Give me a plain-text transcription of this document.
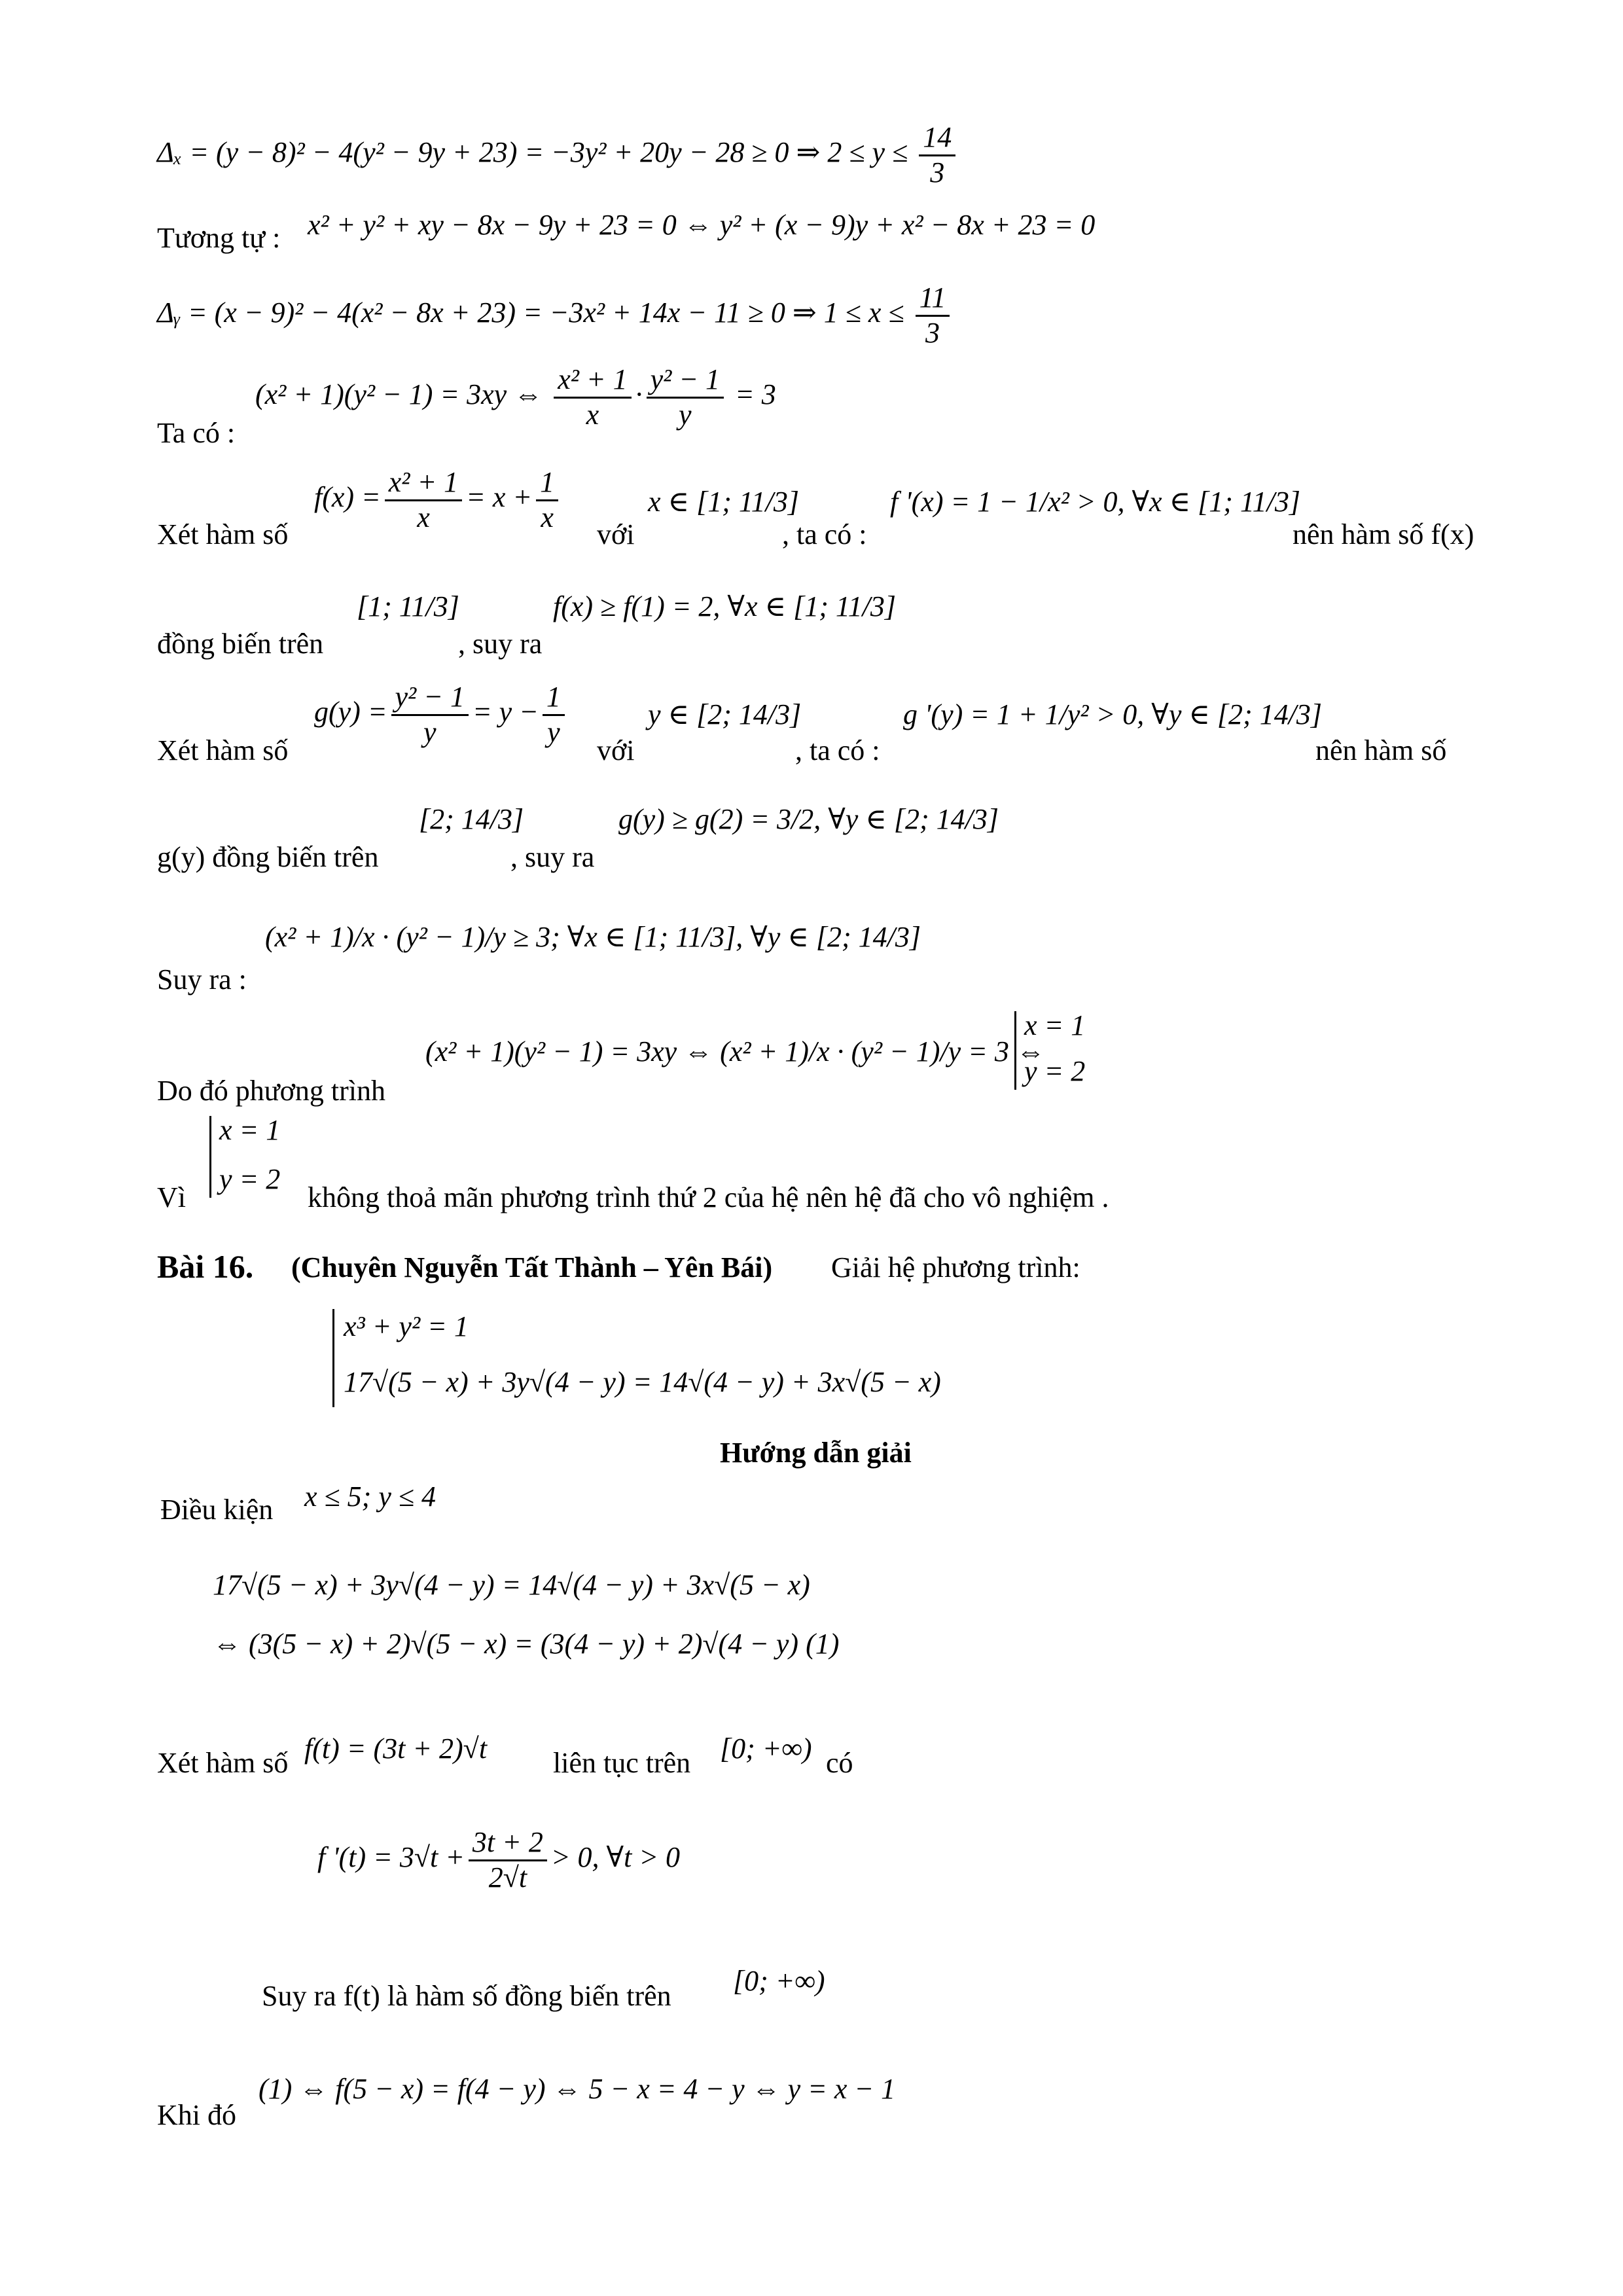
Δₓ = (y − 8)² − 4(y² − 9y + 23) = −3y² + 20y − 28 ≥ 0 ⇒ $2 \le y \le \frac{14}{3}$
Tương tự : x² + y² + xy − 8x − 9y + 23 = 0 ⇔ y² + (x − 9)y + x² − 8x + 23 = 0
Δᵧ = (x − 9)² − 4(x² − 8x + 23) = −3x² + 14x − 11 ≥ 0 ⇒ $1 \le x \le \frac{11}{3}$
Ta có :
(x² + 1)(y² − 1) = 3xy ⇔ $\frac{\text{x² + 1}}{x} \cdot \frac{\text{y² − 1}}{y} = 3$
Xét hàm số
$f(x) = \frac{\text{x² + 1}}{x} = x + \frac{1}{x}$
với
x ∈ [1; 11/3]
, ta có :
f '(x) = 1 − 1/x² > 0, ∀x ∈ [1; 11/3]
nên hàm số f(x)
đồng biến trên
[1; 11/3]
, suy ra
f(x) ≥ f(1) = 2, ∀x ∈ [1; 11/3]
Xét hàm số
$g(y) = \frac{\text{y² − 1}}{y} = y - \frac{1}{y}$
với
y ∈ [2; 14/3]
, ta có :
g '(y) = 1 + 1/y² > 0, ∀y ∈ [2; 14/3]
nên hàm số
g(y) đồng biến trên
[2; 14/3]
, suy ra
g(y) ≥ g(2) = 3/2, ∀y ∈ [2; 14/3]
Suy ra :
(x² + 1)/x · (y² − 1)/y ≥ 3; ∀x ∈ [1; 11/3], ∀y ∈ [2; 14/3]
Do đó phương trình
(x² + 1)(y² − 1) = 3xy ⇔ (x² + 1)/x · (y² − 1)/y = 3 ⇔
x = 1
y = 2
x = 1
y = 2
Vì	không thoả mãn phương trình thứ 2 của hệ nên hệ đã cho vô nghiệm .
Bài 16. (Chuyên Nguyễn Tất Thành – Yên Bái) Giải hệ phương trình:
x³ + y² = 1
17√(5 − x) + 3y√(4 − y) = 14√(4 − y) + 3x√(5 − x)
Hướng dẫn giải
Điều kiện x ≤ 5; y ≤ 4
17√(5 − x) + 3y√(4 − y) = 14√(4 − y) + 3x√(5 − x)
⇔ (3(5 − x) + 2)√(5 − x) = (3(4 − y) + 2)√(4 − y) (1)
Xét hàm số f(t) = (3t + 2)√t liên tục trên [0; +∞) có
f '$(t) = 3√t + \frac{3t + 2}{2√t} > 0$, ∀t > 0
Suy ra f(t) là hàm số đồng biến trên [0; +∞)
Khi đó
(1) ⇔ f(5 − x) = f(4 − y) ⇔ 5 − x = 4 − y ⇔ y = x − 1
